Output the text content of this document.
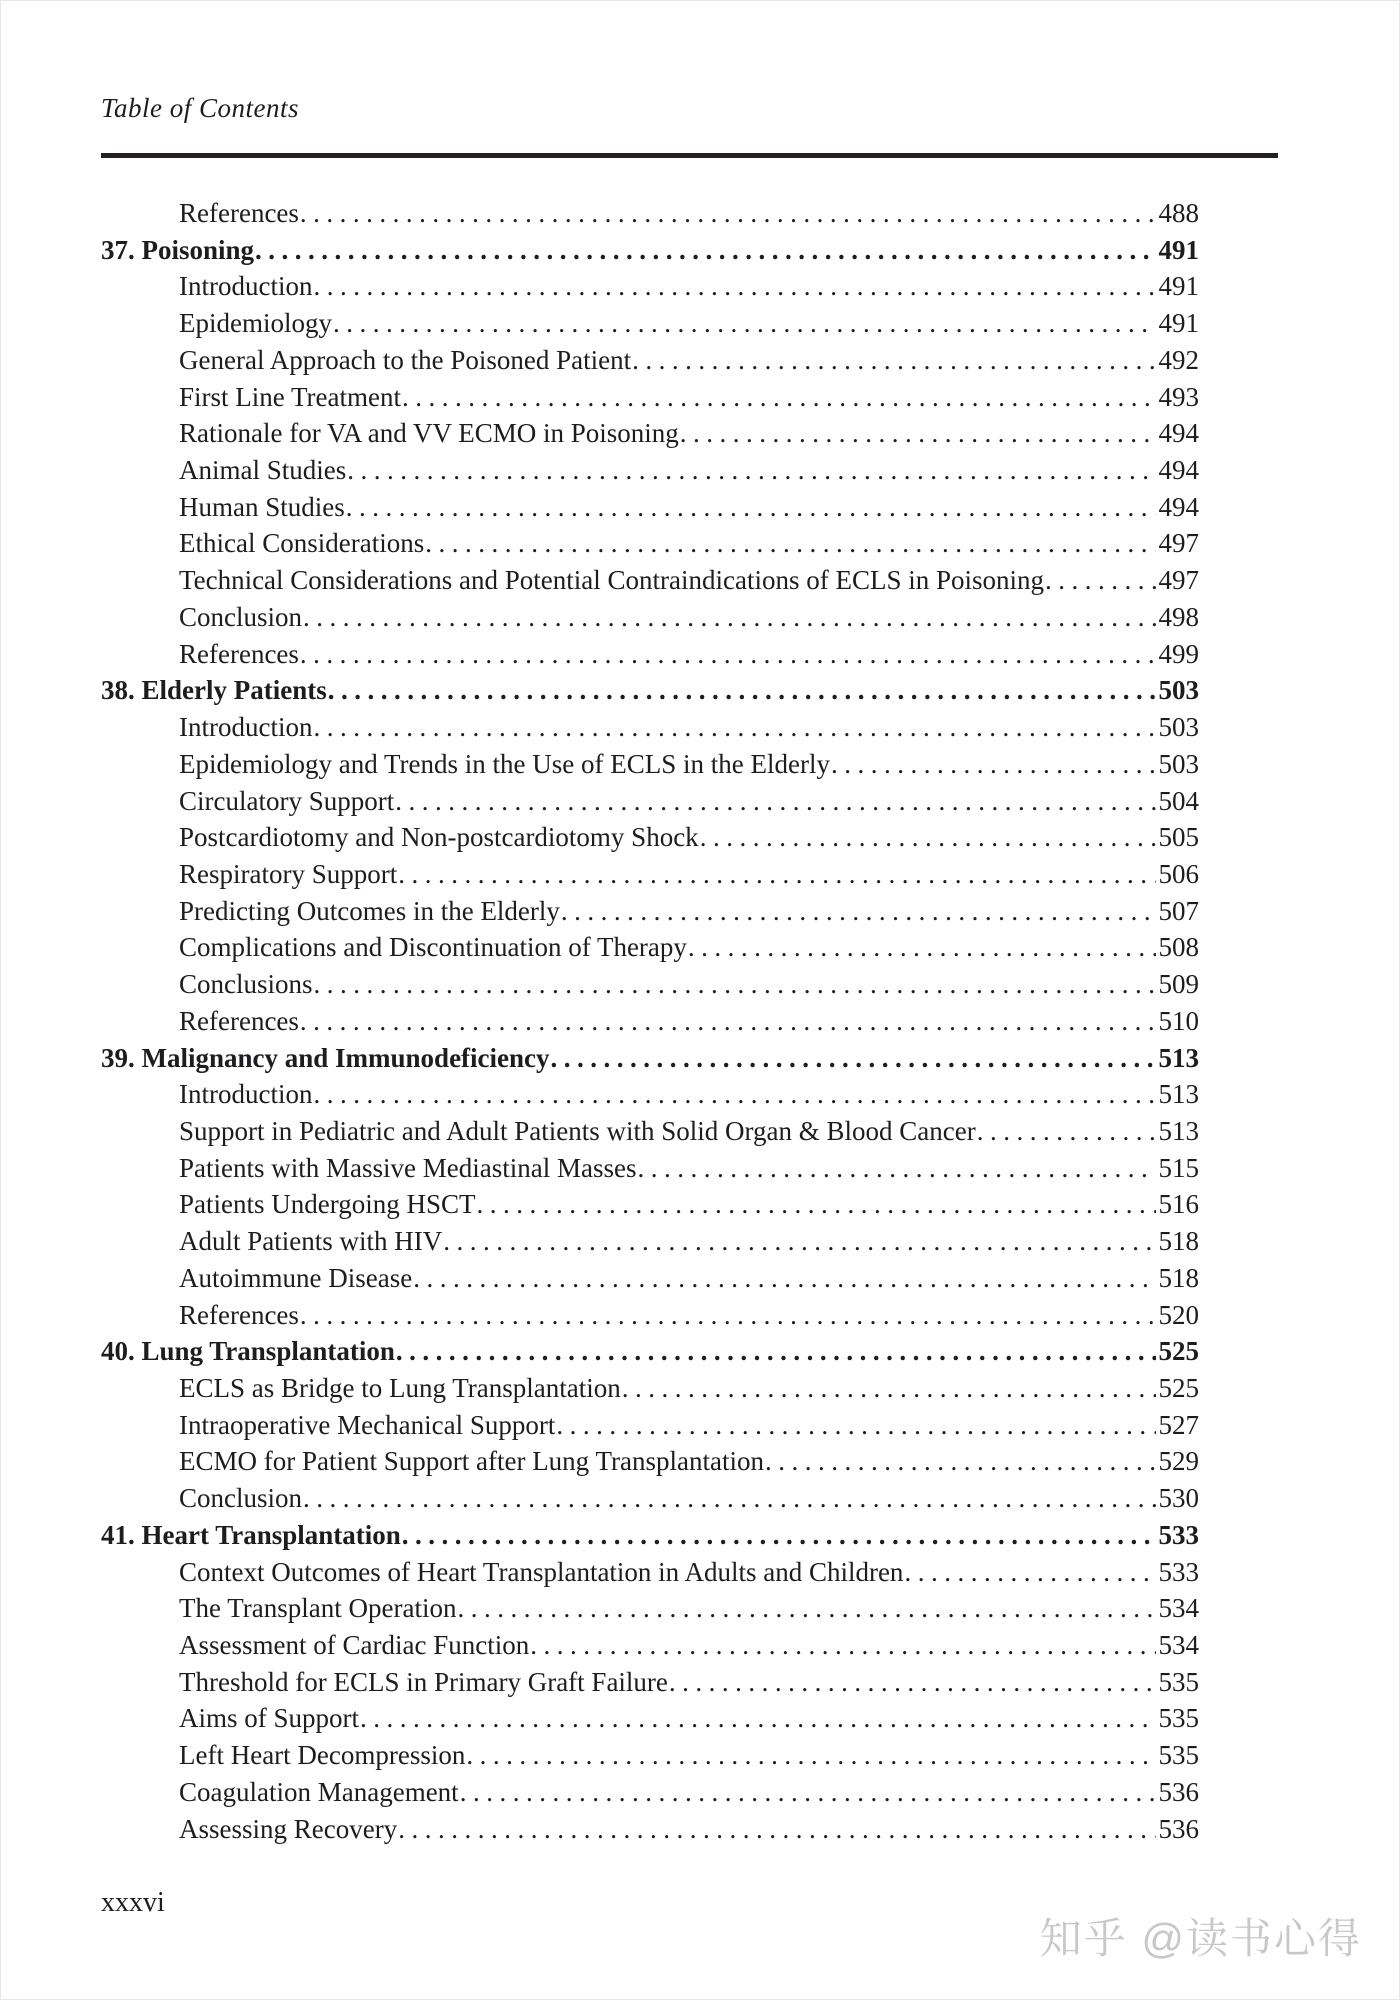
Table of Contents
References .....	488
37. Poisoning .....	491
Introduction .....	491
Epidemiology .....	491
General Approach to the Poisoned Patient .....	492
First Line Treatment .....	493
Rationale for VA and VV ECMO in Poisoning .....	494
Animal Studies .....	494
Human Studies .....	494
Ethical Considerations .....	497
Technical Considerations and Potential Contraindications of ECLS in Poisoning .....	497
Conclusion .....	498
References .....	499
38. Elderly Patients .....	503
Introduction .....	503
Epidemiology and Trends in the Use of ECLS in the Elderly .....	503
Circulatory Support .....	504
Postcardiotomy and Non-postcardiotomy Shock .....	505
Respiratory Support .....	506
Predicting Outcomes in the Elderly .....	507
Complications and Discontinuation of Therapy .....	508
Conclusions .....	509
References .....	510
39. Malignancy and Immunodeficiency .....	513
Introduction .....	513
Support in Pediatric and Adult Patients with Solid Organ & Blood Cancer .....	513
Patients with Massive Mediastinal Masses .....	515
Patients Undergoing HSCT .....	516
Adult Patients with HIV .....	518
Autoimmune Disease .....	518
References .....	520
40. Lung Transplantation .....	525
ECLS as Bridge to Lung Transplantation .....	525
Intraoperative Mechanical Support .....	527
ECMO for Patient Support after Lung Transplantation .....	529
Conclusion .....	530
41. Heart Transplantation .....	533
Context Outcomes of Heart Transplantation in Adults and Children .....	533
The Transplant Operation .....	534
Assessment of Cardiac Function .....	534
Threshold for ECLS in Primary Graft Failure .....	535
Aims of Support .....	535
Left Heart Decompression .....	535
Coagulation Management .....	536
Assessing Recovery .....	536
xxxvi
知乎 @读书心得
